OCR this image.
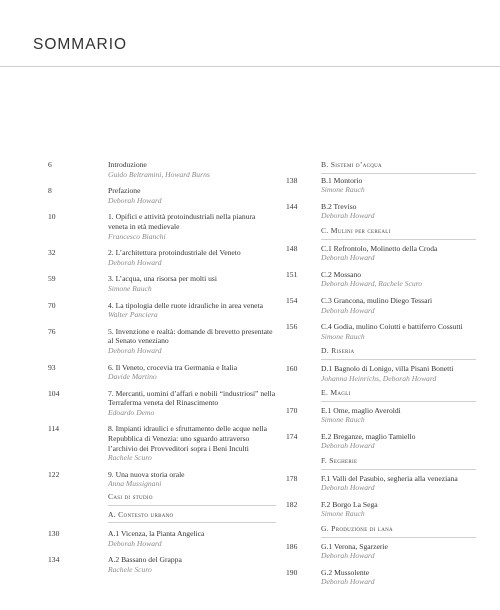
SOMMARIO
6	Introduzione
Guido Beltramini, Howard Burns
8	Prefazione
Deborah Howard
10	1. Opifici e attività protoindustriali nella pianura veneta in età medievale
Francesco Bianchi
32	2. L’architettura protoindustriale del Veneto
Deborah Howard
59	3. L’acqua, una risorsa per molti usi
Simone Rauch
70	4. La tipologia delle ruote idrauliche in area veneta
Walter Panciera
76	5. Invenzione e realtà: domande di brevetto presentate al Senato veneziano
Deborah Howard
93	6. Il Veneto, crocevia tra Germania e Italia
Davide Martino
104	7. Mercanti, uomini d’affari e nobili “industriosi” nella Terraferma veneta del Rinascimento
Edoardo Demo
114	8. Impianti idraulici e sfruttamento delle acque nella Repubblica di Venezia: uno sguardo attraverso l’archivio dei Provveditori sopra i Beni Inculti
Rachele Scuro
122	9. Una nuova storia orale
Anna Mussignani
Casi di studio
A. Contesto urbano
130	A.1 Vicenza, la Pianta Angelica
Deborah Howard
134	A.2 Bassano del Grappa
Rachele Scuro
B. Sistemi d’acqua
138	B.1 Montorio
Simone Rauch
144	B.2 Treviso
Deborah Howard
C. Mulini per cereali
148	C.1 Refrontolo, Molinetto della Croda
Deborah Howard
151	C.2 Mossano
Deborah Howard, Rachele Scuro
154	C.3 Grancona, mulino Diego Tessari
Deborah Howard
156	C.4 Godia, mulino Coiutti e battiferro Cossutti
Simone Rauch
D. Riseria
160	D.1 Bagnolo di Lonigo, villa Pisani Bonetti
Johanna Heinrichs, Deborah Howard
E. Magli
170	E.1 Ome, maglio Averoldi
Simone Rauch
174	E.2 Breganze, maglio Tamiello
Deborah Howard
F. Segherie
178	F.1 Valli del Pasubio, segheria alla veneziana
Deborah Howard
182	F.2 Borgo La Sega
Simone Rauch
G. Produzione di lana
186	G.1 Verona, Sgarzerie
Deborah Howard
190	G.2 Mussolente
Deborah Howard
